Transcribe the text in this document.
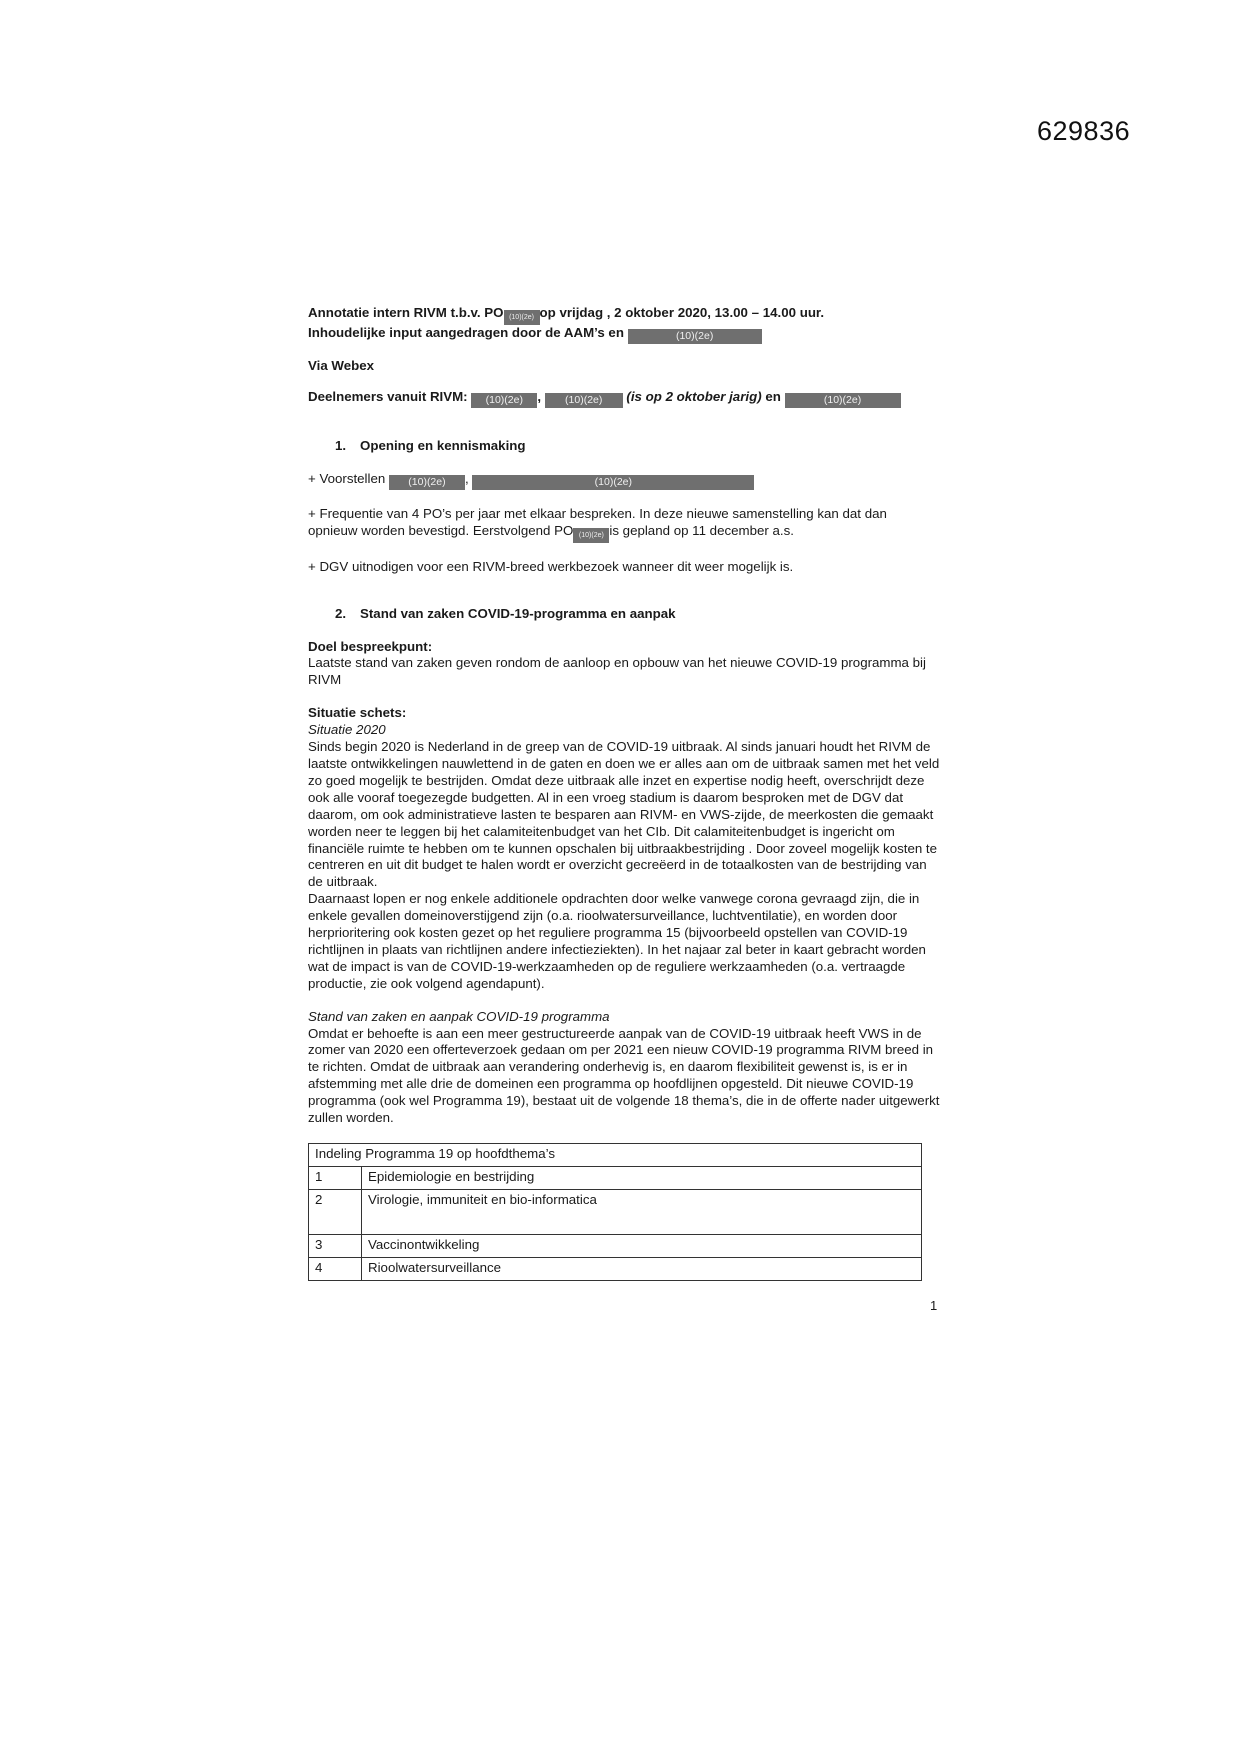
629836

Annotatie intern RIVM t.b.v. PO (10)(2e) op vrijdag , 2 oktober 2020, 13.00 – 14.00 uur.

Inhoudelijke input aangedragen door de AAM’s en	(10)(2e)

Via Webex

Deelnemers vanuit RIVM: (10)(2e) , (10)(2e) (is op 2 oktober jarig) en	(10)(2e)

1. Opening en kennismaking

+ Voorstellen (10)(2e) ,	(10)(2e)

+ Frequentie van 4 PO’s per jaar met elkaar bespreken. In deze nieuwe samenstelling kan dat dan

opnieuw worden bevestigd. Eerstvolgend PO (10)(2e) is gepland op 11 december a.s.

+ DGV uitnodigen voor een RIVM-breed werkbezoek wanneer dit weer mogelijk is.

2. Stand van zaken COVID-19-programma en aanpak

Doel bespreekpunt:

Laatste stand van zaken geven rondom de aanloop en opbouw van het nieuwe COVID-19 programma bij RIVM

Situatie schets:

Situatie 2020

Sinds begin 2020 is Nederland in de greep van de COVID-19 uitbraak. Al sinds januari houdt het RIVM de laatste ontwikkelingen nauwlettend in de gaten en doen we er alles aan om de uitbraak samen met het veld zo goed mogelijk te bestrijden. Omdat deze uitbraak alle inzet en expertise nodig heeft, overschrijdt deze ook alle vooraf toegezegde budgetten. Al in een vroeg stadium is daarom besproken met de DGV dat daarom, om ook administratieve lasten te besparen aan RIVM- en VWS-zijde, de meerkosten die gemaakt worden neer te leggen bij het calamiteitenbudget van het CIb. Dit calamiteitenbudget is ingericht om financiële ruimte te hebben om te kunnen opschalen bij uitbraakbestrijding . Door zoveel mogelijk kosten te centreren en uit dit budget te halen wordt er overzicht gecreëerd in de totaalkosten van de bestrijding van de uitbraak.

Daarnaast lopen er nog enkele additionele opdrachten door welke vanwege corona gevraagd zijn, die in enkele gevallen domeinoverstijgend zijn (o.a. rioolwatersurveillance, luchtventilatie), en worden door herprioritering ook kosten gezet op het reguliere programma 15 (bijvoorbeeld opstellen van COVID-19 richtlijnen in plaats van richtlijnen andere infectieziekten). In het najaar zal beter in kaart gebracht worden wat de impact is van de COVID-19-werkzaamheden op de reguliere werkzaamheden (o.a. vertraagde productie, zie ook volgend agendapunt).

Stand van zaken en aanpak COVID-19 programma

Omdat er behoefte is aan een meer gestructureerde aanpak van de COVID-19 uitbraak heeft VWS in de zomer van 2020 een offerteverzoek gedaan om per 2021 een nieuw COVID-19 programma RIVM breed in te richten. Omdat de uitbraak aan verandering onderhevig is, en daarom flexibiliteit gewenst is, is er in afstemming met alle drie de domeinen een programma op hoofdlijnen opgesteld. Dit nieuwe COVID-19 programma (ook wel Programma 19), bestaat uit de volgende 18 thema’s, die in de offerte nader uitgewerkt zullen worden.

Indeling Programma 19 op hoofdthema’s	
1	Epidemiologie en bestrijding
2	Virologie, immuniteit en bio-informatica
3	Vaccinontwikkeling
4	Rioolwatersurveillance
1
